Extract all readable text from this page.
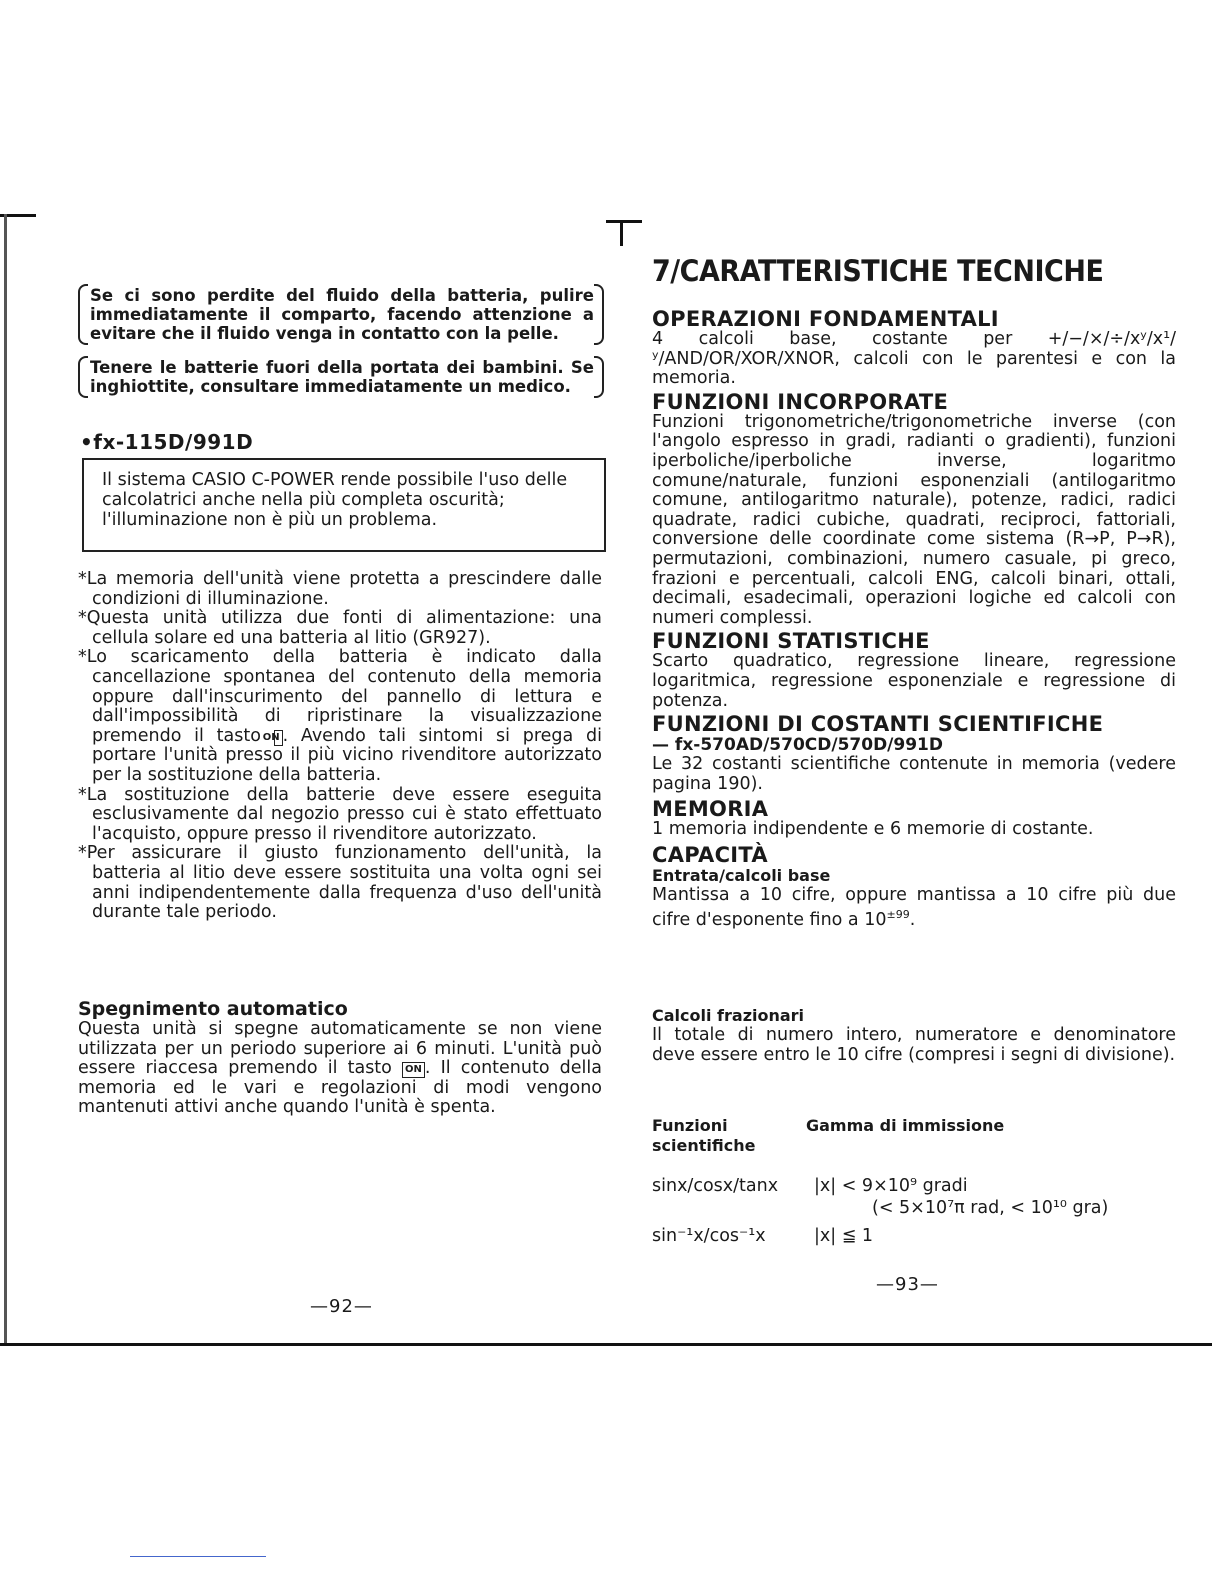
Se ci sono perdite del fluido della batteria, pulire immediatamente il comparto, facendo attenzione a evitare che il fluido venga in contatto con la pelle.
Tenere le batterie fuori della portata dei bambini. Se inghiottite, consultare immediatamente un medico.
•fx-115D/991D
Il sistema CASIO C-POWER rende possibile l'uso delle calcolatrici anche nella più completa oscurità; l'illuminazione non è più un problema.

*La memoria dell'unità viene protetta a prescindere dalle condizioni di illuminazione.

*Questa unità utilizza due fonti di alimentazione: una cellula solare ed una batteria al litio (GR927).

*Lo scaricamento della batteria è indicato dalla cancellazione spontanea del contenuto della memoria oppure dall'inscurimento del pannello di lettura e dall'impossibilità di ripristinare la visualizzazione premendo il tasto ON . Avendo tali sintomi si prega di portare l'unità presso il più vicino rivenditore autorizzato per la sostituzione della batteria.

*La sostituzione della batterie deve essere eseguita esclusivamente dal negozio presso cui è stato effettuato l'acquisto, oppure presso il rivenditore autorizzato.

*Per assicurare il giusto funzionamento dell'unità, la batteria al litio deve essere sostituita una volta ogni sei anni indipendentemente dalla frequenza d'uso dell'unità durante tale periodo.

Spegnimento automatico
Questa unità si spegne automaticamente se non viene utilizzata per un periodo superiore ai 6 minuti. L'unità può essere riaccesa premendo il tasto ON . Il contenuto della memoria ed le vari e regolazioni di modi vengono mantenuti attivi anche quando l'unità è spenta.
—92—
7/CARATTERISTICHE TECNICHE
OPERAZIONI FONDAMENTALI
4 calcoli base, costante per +/−/×/÷/xʸ/x¹/ʸ/AND/OR/XOR/XNOR, calcoli con le parentesi e con la memoria.
FUNZIONI INCORPORATE
Funzioni trigonometriche/trigonometriche inverse (con l'angolo espresso in gradi, radianti o gradienti), funzioni iperboliche/iperboliche inverse, logaritmo comune/naturale, funzioni esponenziali (antilogaritmo comune, antilogaritmo naturale), potenze, radici, radici quadrate, radici cubiche, quadrati, reciproci, fattoriali, conversione delle coordinate come sistema (R→P, P→R), permutazioni, combinazioni, numero casuale, pi greco, frazioni e percentuali, calcoli ENG, calcoli binari, ottali, decimali, esadecimali, operazioni logiche ed calcoli con numeri complessi.
FUNZIONI STATISTICHE
Scarto quadratico, regressione lineare, regressione logaritmica, regressione esponenziale e regressione di potenza.
FUNZIONI DI COSTANTI SCIENTIFICHE
— fx-570AD/570CD/570D/991D
Le 32 costanti scientifiche contenute in memoria (vedere pagina 190).
MEMORIA
1 memoria indipendente e 6 memorie di costante.
CAPACITÀ
Entrata/calcoli base
Mantissa a 10 cifre, oppure mantissa a 10 cifre più due cifre d'esponente fino a $10^{\pm 99}$.
Calcoli frazionari
Il totale di numero intero, numeratore e denominatore deve essere entro le 10 cifre (compresi i segni di divisione).
Funzioni scientifiche
Gamma di immissione
sinx/cosx/tanx |x| < 9×10⁹ gradi
(< 5×10⁷π rad, < 10¹⁰ gra)
sin⁻¹x/cos⁻¹x	|x| ≦ 1
—93—
